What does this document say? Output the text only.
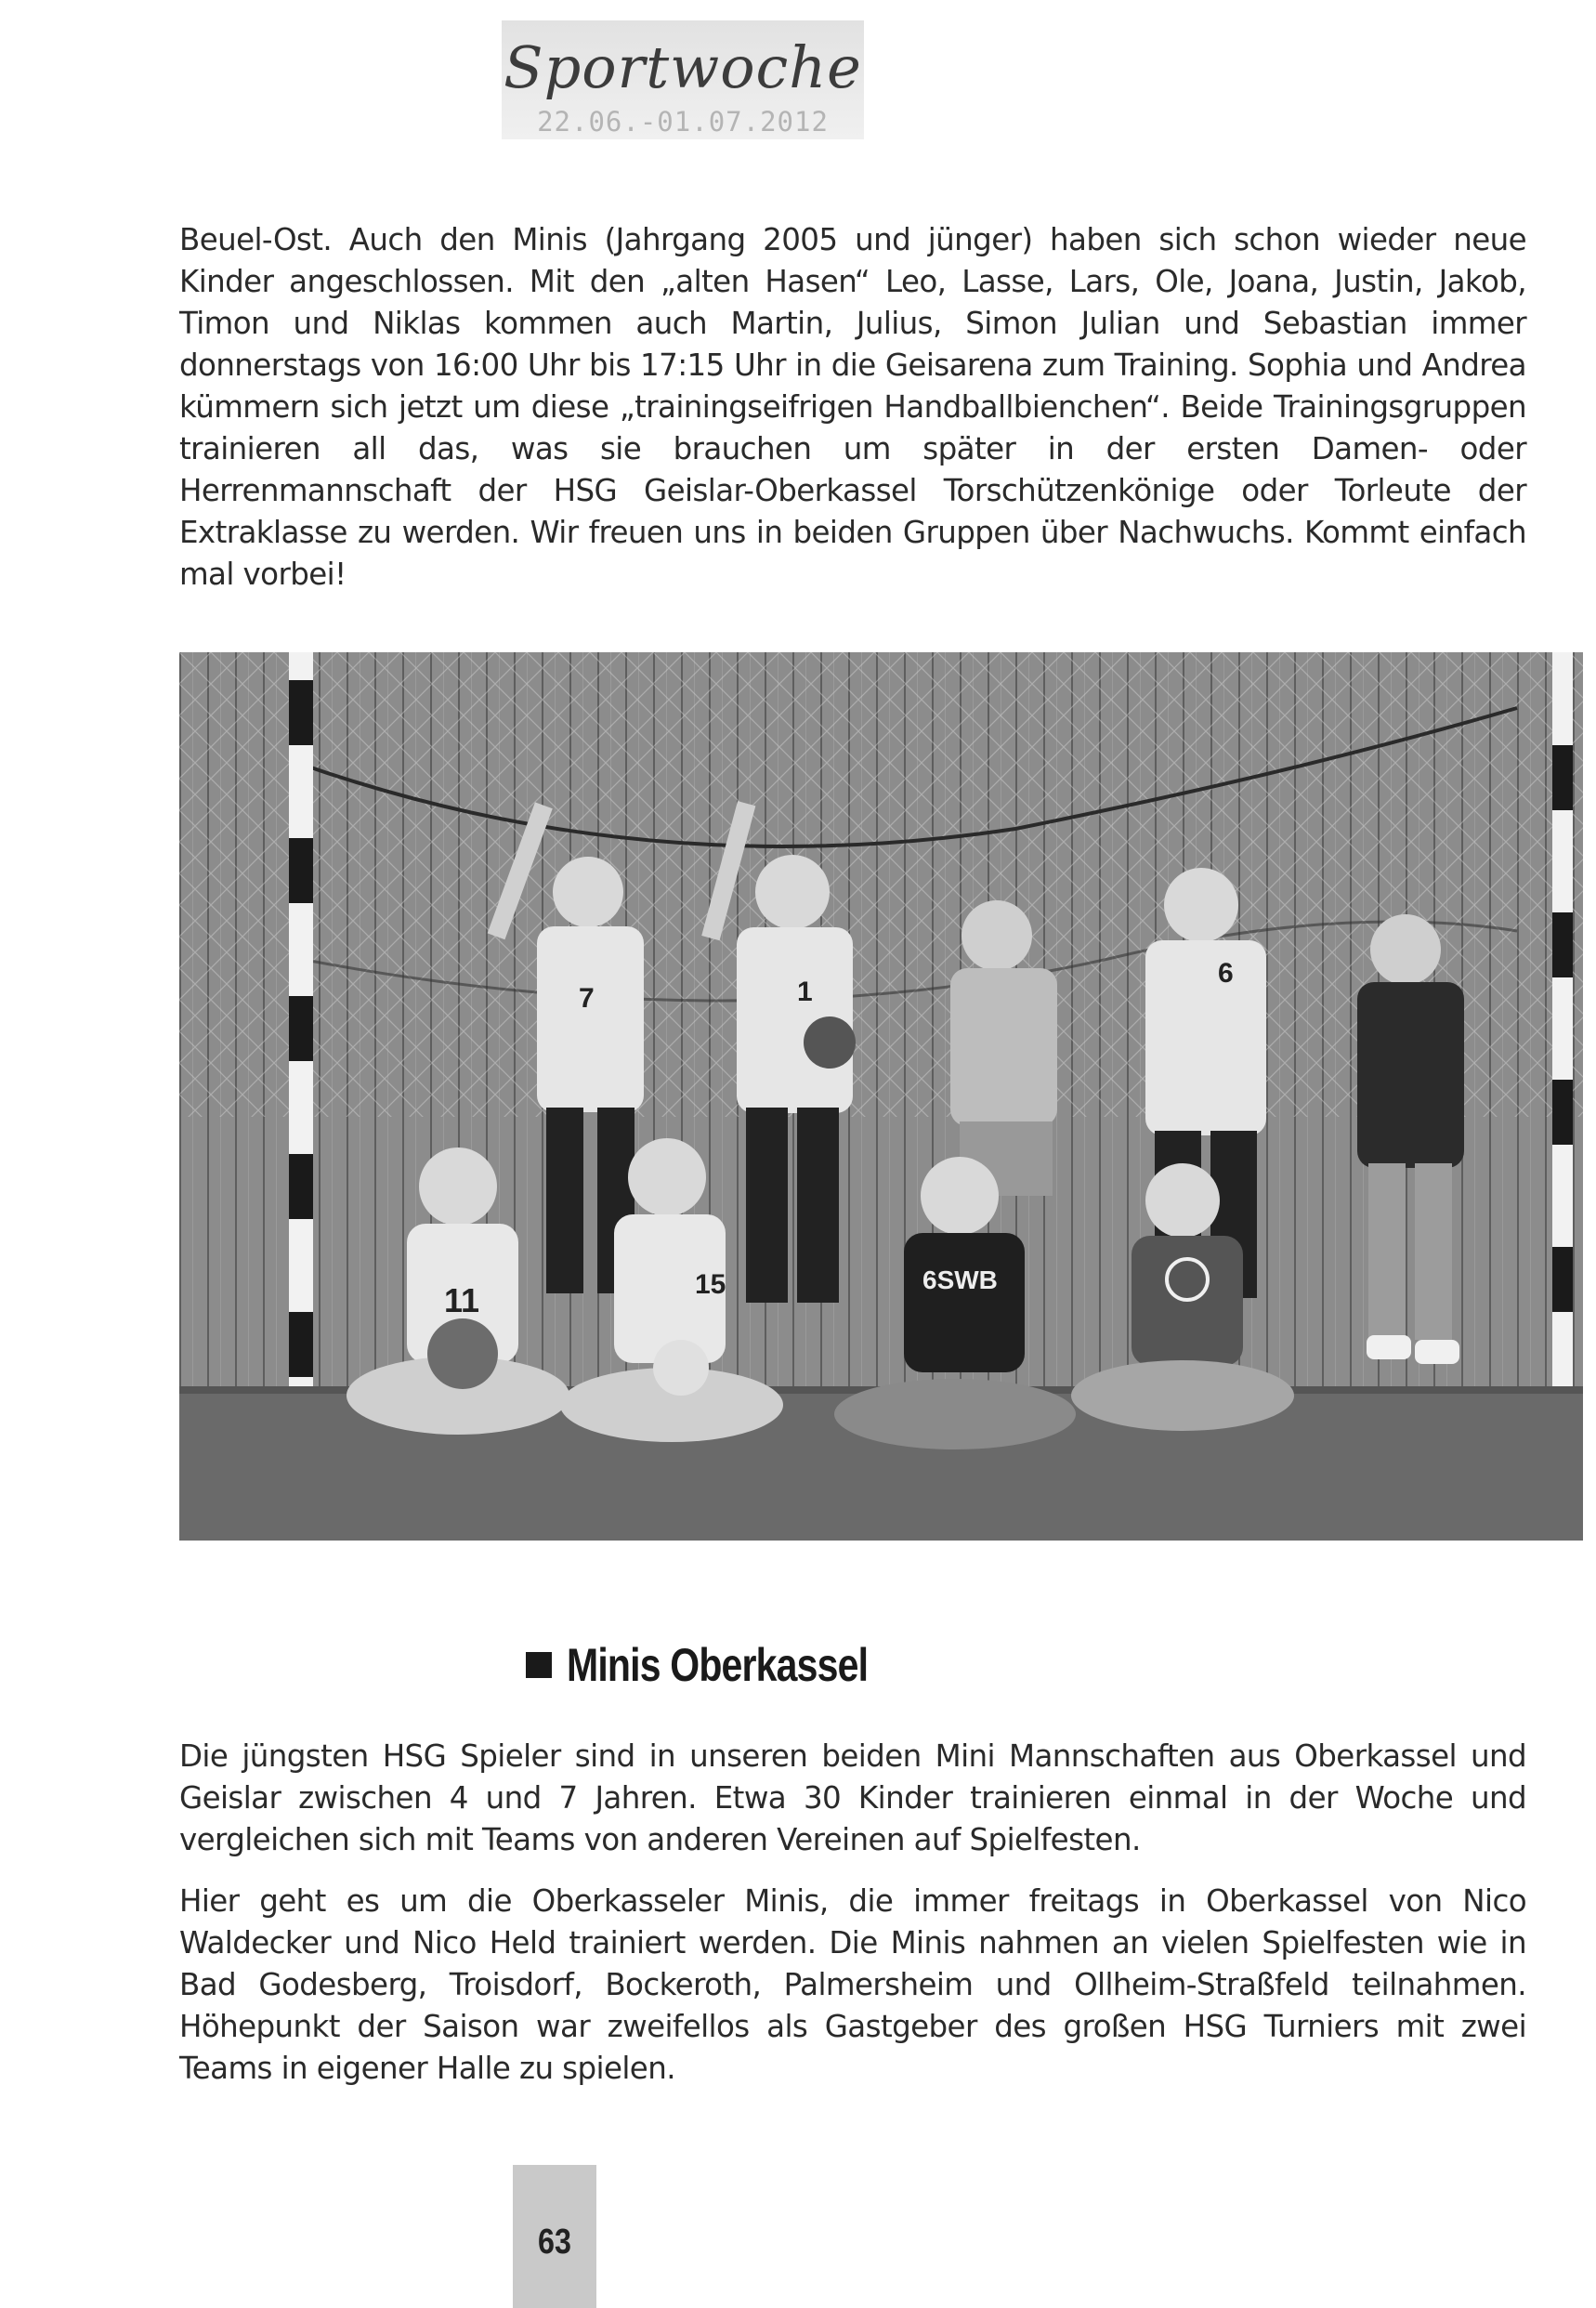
Sportwoche
22.06.-01.07.2012

Beuel-Ost. Auch den Minis (Jahrgang 2005 und jünger) haben sich schon wieder neue Kinder angeschlossen. Mit den „alten Hasen“ Leo, Lasse, Lars, Ole, Joana, Justin, Jakob, Timon und Niklas kommen auch Martin, Julius, Simon Julian und Sebastian immer donnerstags von 16:00 Uhr bis 17:15 Uhr in die Geisarena zum Training. Sophia und Andrea kümmern sich jetzt um diese „trainingseifrigen Handballbienchen“. Beide Trainingsgruppen trainieren all das, was sie brauchen um später in der ersten Damen- oder Herrenmannschaft der HSG Geislar-Oberkassel Torschützenkönige oder Torleute der Extraklasse zu werden. Wir freuen uns in beiden Gruppen über Nachwuchs. Kommt einfach mal vorbei!

7	1
6
11	15	6SWB
Minis Oberkassel

Die jüngsten HSG Spieler sind in unseren beiden Mini Mannschaften aus Oberkassel und Geislar zwischen 4 und 7 Jahren. Etwa 30 Kinder trainieren einmal in der Woche und vergleichen sich mit Teams von anderen Vereinen auf Spielfesten.

Hier geht es um die Oberkasseler Minis, die immer freitags in Oberkassel von Nico Waldecker und Nico Held trainiert werden. Die Minis nahmen an vielen Spielfesten wie in Bad Godesberg, Troisdorf, Bockeroth, Palmersheim und Ollheim-Straßfeld teilnahmen. Höhepunkt der Saison war zweifellos als Gastgeber des großen HSG Turniers mit zwei Teams in eigener Halle zu spielen.

63
